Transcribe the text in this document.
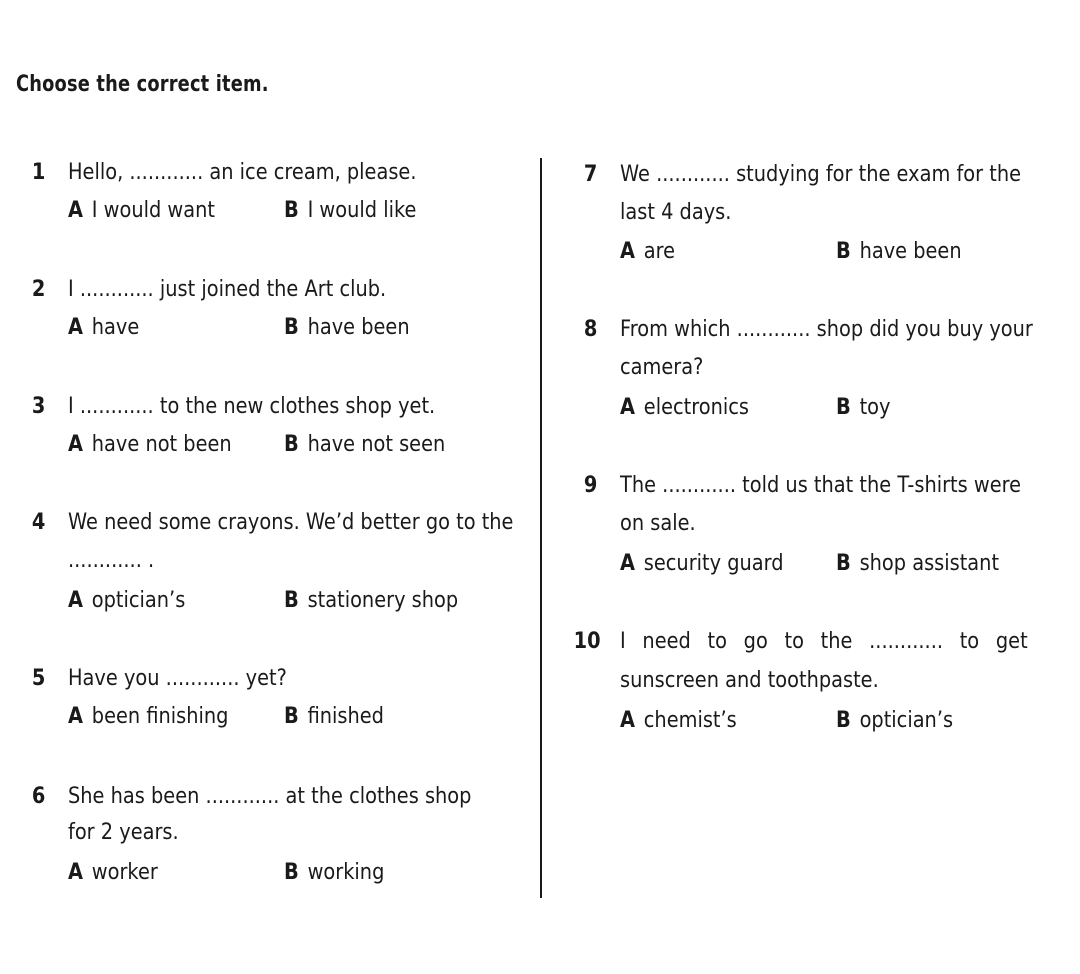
Choose the correct item.
1 Hello, ............ an ice cream, please.
A I would want	B I would like
2 I ............ just joined the Art club.
A have	B have been
3 I ............ to the new clothes shop yet.
A have not been B have not seen
4 We need some crayons. We’d better go to the
............ .
A optician’s	B stationery shop
5 Have you ............ yet?
A been finishing	B finished
6 She has been ............ at the clothes shop
for 2 years.
A worker	B working
7 We ............ studying for the exam for the
last 4 days.
A are	B have been
8 From which ............ shop did you buy your
camera?
A electronics	B toy
9 The ............ told us that the T-shirts were
on sale.
A security guard B shop assistant
10 I need to go to the ............ to get
sunscreen and toothpaste.
A chemist’s	B optician’s
